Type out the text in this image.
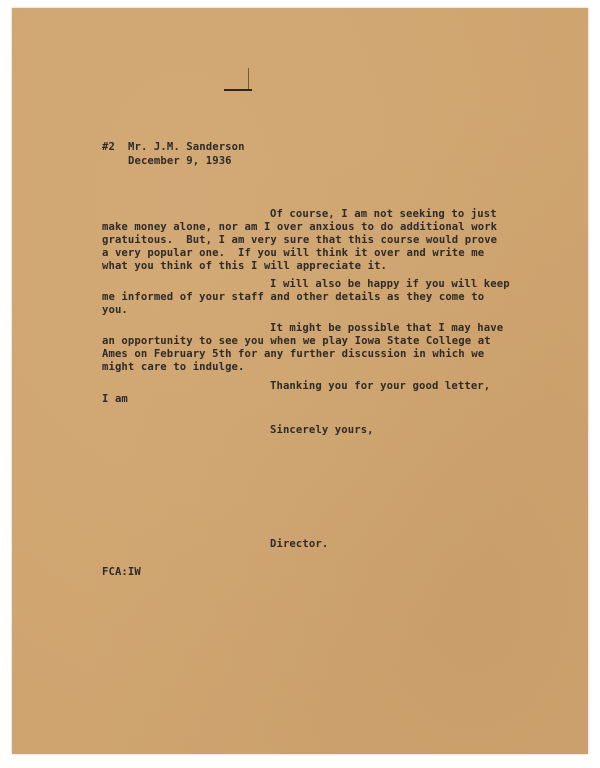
#2 Mr. J.M. Sanderson
December 9, 1936
Of course, I am not seeking to just
make money alone, nor am I over anxious to do additional work
gratuitous.  But, I am very sure that this course would prove
a very popular one.  If you will think it over and write me
what you think of this I will appreciate it.
I will also be happy if you will keep
me informed of your staff and other details as they come to
you.
It might be possible that I may have
an opportunity to see you when we play Iowa State College at
Ames on February 5th for any further discussion in which we
might care to indulge.
Thanking you for your good letter,
I am
Sincerely yours,
Director.
FCA:IW
